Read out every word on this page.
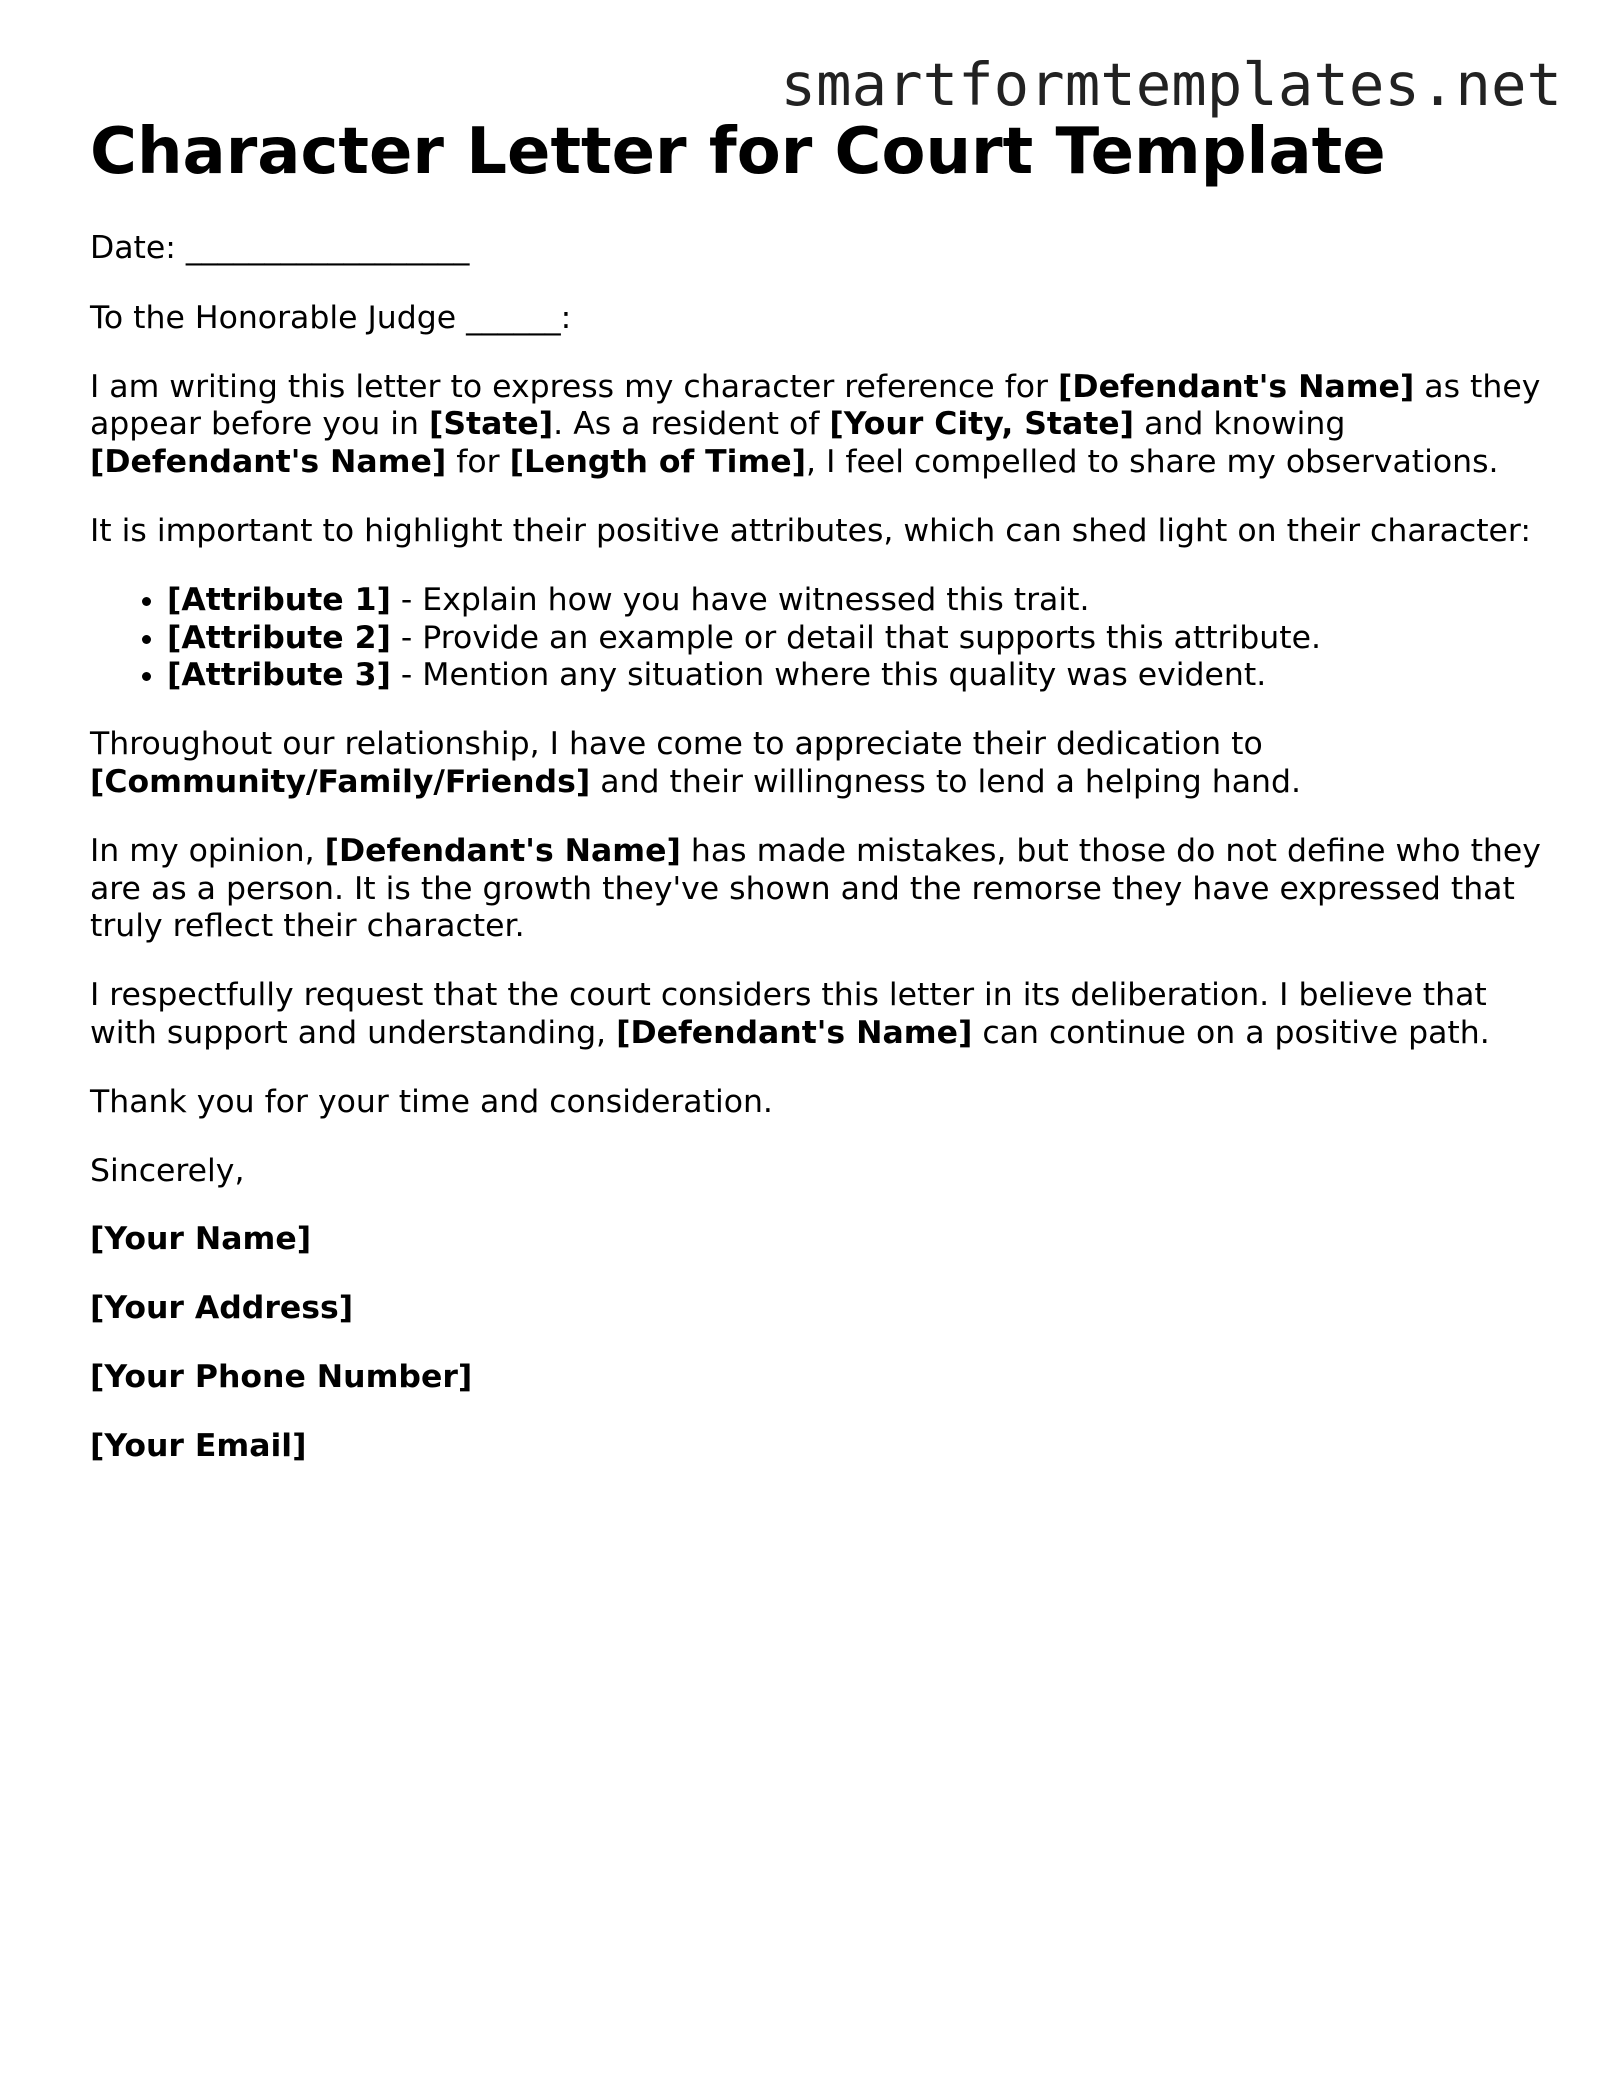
smartformtemplates.net
Character Letter for Court Template

Date: __________________

To the Honorable Judge ______:

I am writing this letter to express my character reference for [Defendant's Name] as they appear before you in [State]. As a resident of [Your City, State] and knowing
[Defendant's Name] for [Length of Time], I feel compelled to share my observations.

It is important to highlight their positive attributes, which can shed light on their character:

• [Attribute 1] - Explain how you have witnessed this trait.
• [Attribute 2] - Provide an example or detail that supports this attribute.
• [Attribute 3] - Mention any situation where this quality was evident.

Throughout our relationship, I have come to appreciate their dedication to
[Community/Family/Friends] and their willingness to lend a helping hand.

In my opinion, [Defendant's Name] has made mistakes, but those do not define who they are as a person. It is the growth they've shown and the remorse they have expressed that truly reflect their character.

I respectfully request that the court considers this letter in its deliberation. I believe that with support and understanding, [Defendant's Name] can continue on a positive path.

Thank you for your time and consideration.

Sincerely,

[Your Name]

[Your Address]

[Your Phone Number]

[Your Email]
